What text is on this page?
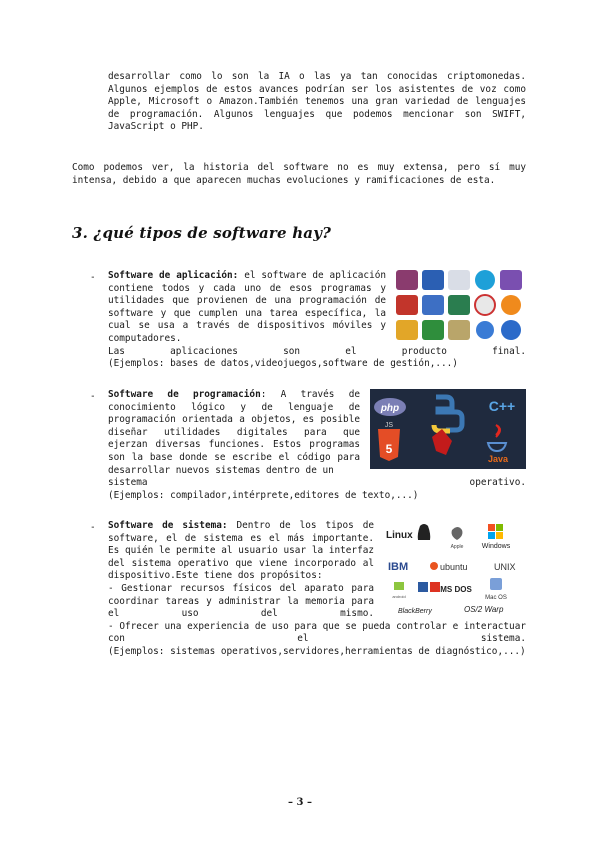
desarrollar como lo son la IA o las ya tan conocidas criptomonedas. Algunos ejemplos de estos avances podrían ser los asistentes de voz como Apple, Microsoft o Amazon.También tenemos una gran variedad de lenguajes de programación. Algunos lenguajes que podemos mencionar son SWIFT, JavaScript o PHP.

Como podemos ver, la historia del software no es muy extensa, pero sí muy intensa, debido a que aparecen muchas evoluciones y ramificaciones de esta.

3. ¿qué tipos de software hay?
- Software de aplicación: el software de aplicación contiene todos y cada uno de esos programas y utilidades que provienen de una programación de software y que cumplen una tarea específica, la cual se usa a través de dispositivos móviles y computadores.
Las aplicaciones son el producto final.
(Ejemplos: bases de datos,videojuegos,software de gestión,...)
-
php	C++
5
JS
Java
Software de programación: A través de conocimiento lógico y de lenguaje de programación orientada a objetos, es posible diseñar utilidades digitales para que ejerzan diversas funciones. Estos programas son la base donde se escribe el código para desarrollar nuevos sistemas dentro de un
sistema operativo.
(Ejemplos: compilador,intérprete,editores de texto,...)
-
Linux
Apple	Windows
IBM	ubuntu	UNIX
android
MS DOS
Mac OS
BlackBerry	OS/2 Warp
Software de sistema: Dentro de los tipos de software, el de sistema es el más importante. Es quién le permite al usuario usar la interfaz del sistema operativo que viene incorporado al dispositivo.Este tiene dos propósitos:
- Gestionar recursos físicos del aparato para coordinar tareas y administrar la memoria para el uso del mismo.
- Ofrecer una experiencia de uso para que se pueda controlar e interactuar con el sistema.
(Ejemplos: sistemas operativos,servidores,herramientas de diagnóstico,...)
– 3 –
